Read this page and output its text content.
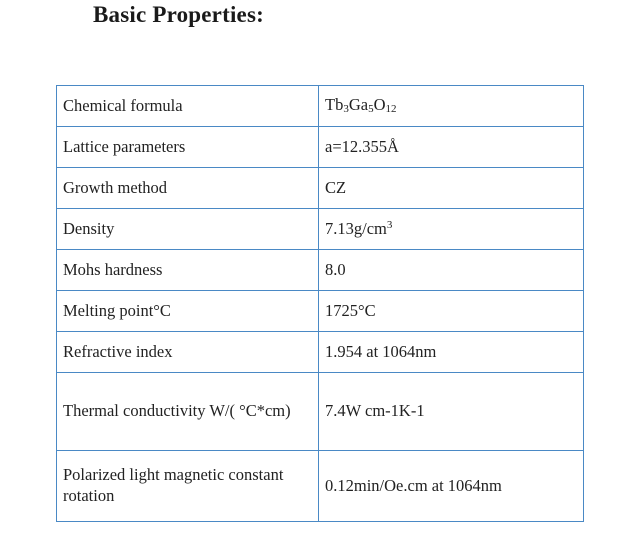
Basic Properties:
Chemical formula	$Tb_3Ga_5O_{12}$
Lattice parameters	a=12.355Å
Growth method	CZ
Density	$7.13g/cm^3$
Mohs hardness	8.0
Melting point°C	1725°C
Refractive index	1.954 at 1064nm
Thermal conductivity W/( °C*cm)	7.4W cm-1K-1
Polarized light magnetic constant
rotation	0.12min/Oe.cm at 1064nm
